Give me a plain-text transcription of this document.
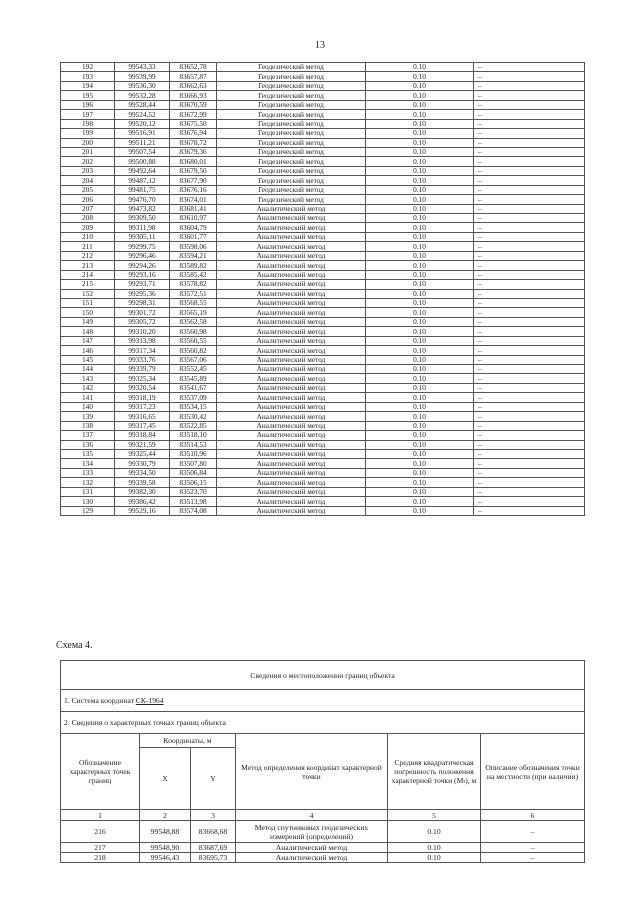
13
192	99543,33	83652,78	Геодезический метод	0.10	–
193	99539,99	83657,87	Геодезический метод	0.10	–
194	99536,30	83662,63	Геодезический метод	0.10	–
195	99532,28	83666,93	Геодезический метод	0.10	–
196	99528,44	83670,59	Геодезический метод	0.10	–
197	99524,52	83672,99	Геодезический метод	0.10	–
198	99520,12	83675,50	Геодезический метод	0.10	–
199	99516,91	83676,94	Геодезический метод	0.10	–
200	99511,21	83678,72	Геодезический метод	0.10	–
201	99507,54	83679,36	Геодезический метод	0.10	–
202	99500,88	83680,01	Геодезический метод	0.10	–
203	99492,64	83679,50	Геодезический метод	0.10	–
204	99487,12	83677,90	Геодезический метод	0.10	–
205	99481,75	83676,16	Геодезический метод	0.10	–
206	99476,70	83674,01	Геодезический метод	0.10	–
207	99473,82	83681,41	Аналитический метод	0.10	–
208	99309,50	83610,97	Аналитический метод	0.10	–
209	99311,98	83604,79	Аналитический метод	0.10	–
210	99305,11	83601,77	Аналитический метод	0.10	–
211	99299,75	83598,06	Аналитический метод	0.10	–
212	99296,46	83594,21	Аналитический метод	0.10	–
213	99294,26	83589,82	Аналитический метод	0.10	–
214	99293,16	83585,42	Аналитический метод	0.10	–
215	99293,71	83578,82	Аналитический метод	0.10	–
152	99295,36	83572,51	Аналитический метод	0.10	–
151	99298,31	83568,55	Аналитический метод	0.10	–
150	99301,72	83565,19	Аналитический метод	0.10	–
149	99305,72	83562,58	Аналитический метод	0.10	–
148	99310,20	83560,98	Аналитический метод	0.10	–
147	99313,98	83560,55	Аналитический метод	0.10	–
146	99317,34	83560,82	Аналитический метод	0.10	–
145	99333,76	83567,06	Аналитический метод	0.10	–
144	99339,79	83552,45	Аналитический метод	0.10	–
143	99325,34	83545,89	Аналитический метод	0.10	–
142	99320,54	83541,67	Аналитический метод	0.10	–
141	99318,19	83537,09	Аналитический метод	0.10	–
140	99317,23	83534,15	Аналитический метод	0.10	–
139	99316,65	83530,42	Аналитический метод	0.10	–
138	99317,45	83522,85	Аналитический метод	0.10	–
137	99318,84	83518,10	Аналитический метод	0.10	–
136	99321,59	83514,53	Аналитический метод	0.10	–
135	99325,44	83510,96	Аналитический метод	0.10	–
134	99330,79	83507,80	Аналитический метод	0.10	–
133	99334,50	83506,84	Аналитический метод	0.10	–
132	99339,58	83506,15	Аналитический метод	0.10	–
131	99382,30	83523,70	Аналитический метод	0.10	–
130	99386,42	83513,98	Аналитический метод	0.10	–
129	99529,16	83574,08	Аналитический метод	0.10	–
Схема 4.
Сведения о местоположении границ объекта					
1. Система координат СК-1964					
2. Сведения о характерных точках границ объекта					
Обозначение характерных точек границ	Координаты, м		Метод определения координат характерной точки	Средняя квадратическая погрешность положения характерной точки (Мₜ), м	Описание обозначения точки на местности (при наличии)
	X	Y			
1	2	3	4	5	6
216	99548,88	83668,68	Метод спутниковых геодезических измерений (определений)	0.10	–
217	99548,90	83687,69	Аналитический метод	0.10	–
218	99546,43	83695,73	Аналитический метод	0.10	–
